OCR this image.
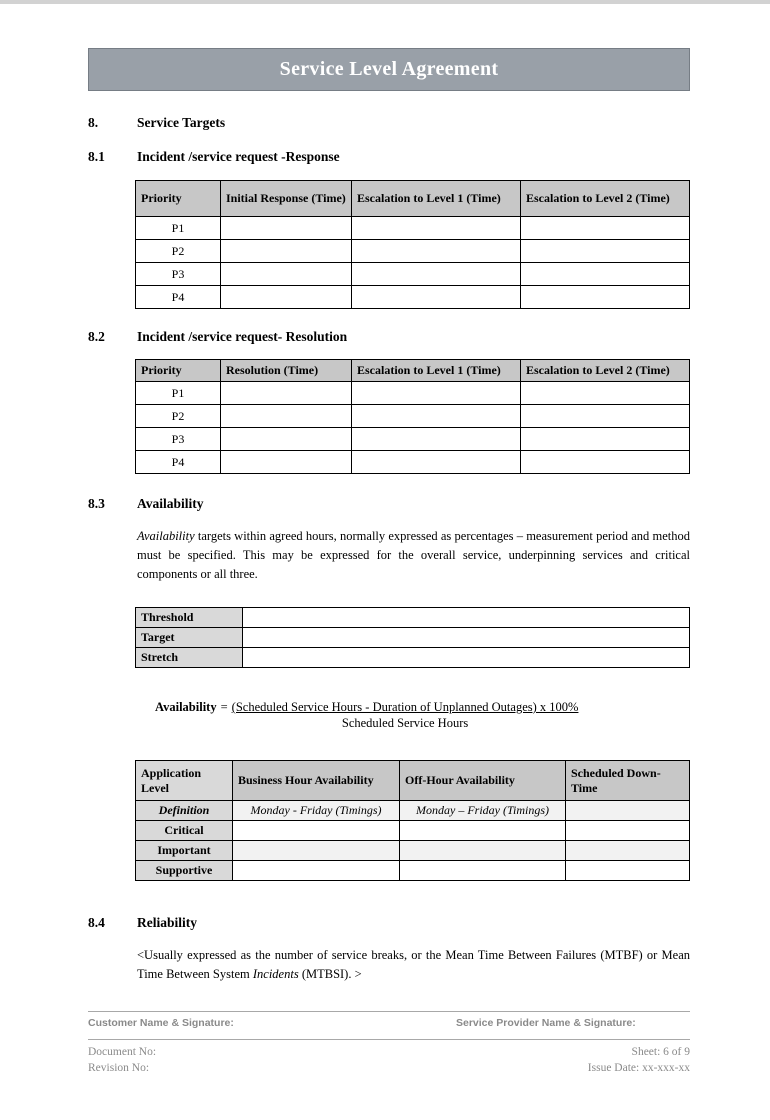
Service Level Agreement
8.	Service Targets
8.1	Incident /service request -Response
Priority	Initial Response (Time)	Escalation to Level 1 (Time)	Escalation to Level 2 (Time)
P1			
P2			
P3			
P4			
8.2	Incident /service request- Resolution
Priority	Resolution (Time)	Escalation to Level 1 (Time)	Escalation to Level 2 (Time)
P1			
P2			
P3			
P4			
8.3	Availability

Availability targets within agreed hours, normally expressed as percentages – measurement period and method must be specified. This may be expressed for the overall service, underpinning services and critical components or all three.

Threshold	
Target	
Stretch	
Availability = (Scheduled Service Hours - Duration of Unplanned Outages) x 100%
Scheduled Service Hours
Application Level	Business Hour Availability	Off-Hour Availability	Scheduled Down-Time
Definition	Monday - Friday (Timings)	Monday – Friday (Timings)	
Critical			
Important			
Supportive			
8.4	Reliability

<Usually expressed as the number of service breaks, or the Mean Time Between Failures (MTBF) or Mean Time Between System Incidents (MTBSI). >

Customer Name & Signature:	Service Provider Name & Signature:
Document No:	Sheet: 6 of 9
Revision No:	Issue Date: xx-xxx-xx
